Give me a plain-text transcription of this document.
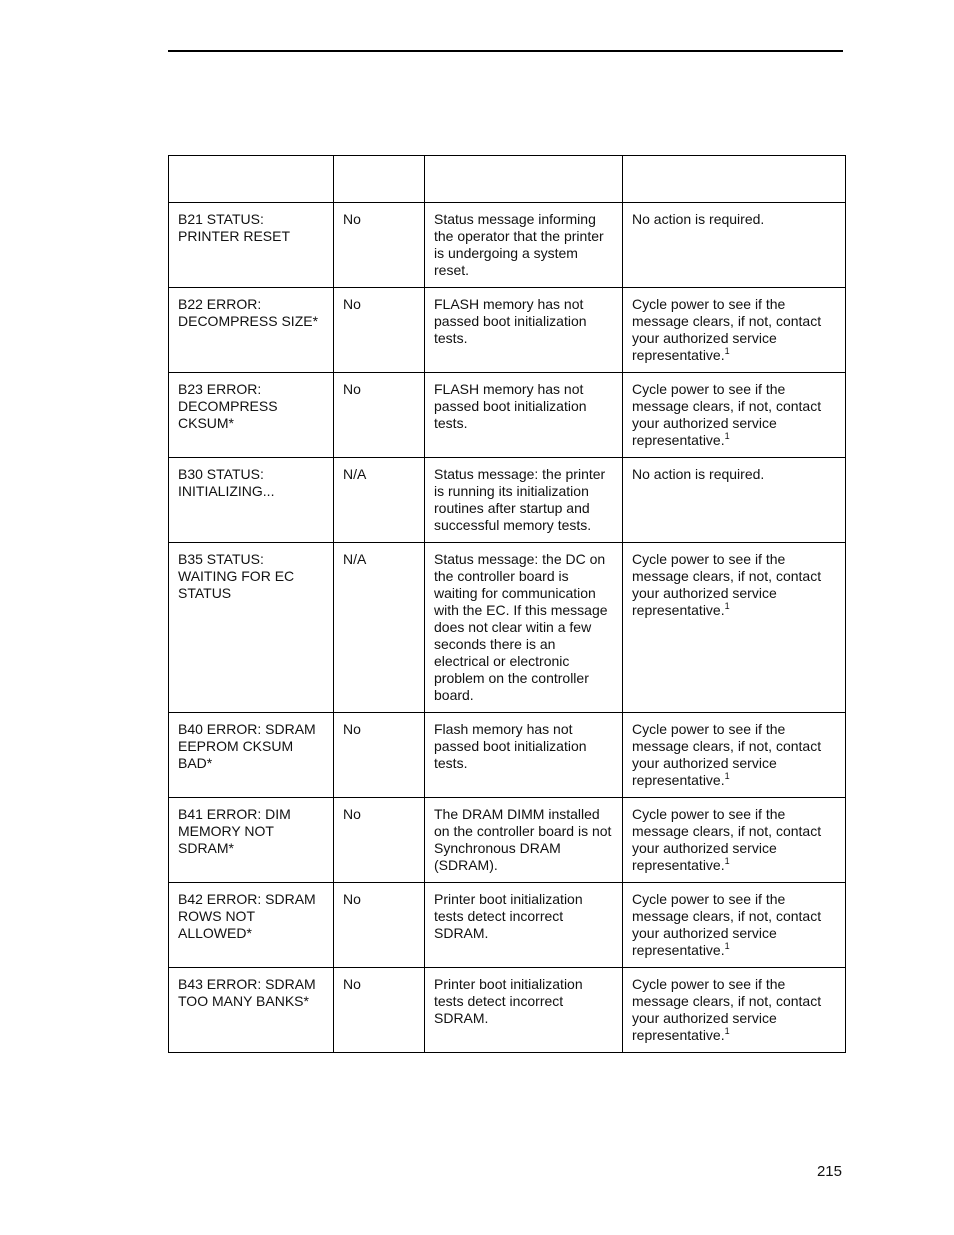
B21 STATUS: PRINTER RESET	No	Status message informing the operator that the printer is undergoing a system reset.	No action is required.

B22 ERROR: DECOMPRESS SIZE*	No	FLASH memory has not passed boot initialization tests.	Cycle power to see if the message clears, if not, contact your authorized service representative.$^1$

B23 ERROR: DECOMPRESS CKSUM*	No	FLASH memory has not passed boot initialization tests.	Cycle power to see if the message clears, if not, contact your authorized service representative.$^1$

B30 STATUS: INITIALIZING...	N/A	Status message: the printer is running its initialization routines after startup and successful memory tests.	No action is required.

B35 STATUS: WAITING FOR EC STATUS	N/A	Status message: the DC on the controller board is waiting for communication with the EC. If this message does not clear witin a few seconds there is an electrical or electronic problem on the controller board.	Cycle power to see if the message clears, if not, contact your authorized service representative.$^1$

B40 ERROR: SDRAM EEPROM CKSUM BAD*	No	Flash memory has not passed boot initialization tests.	Cycle power to see if the message clears, if not, contact your authorized service representative.$^1$

B41 ERROR: DIM MEMORY NOT SDRAM*	No	The DRAM DIMM installed on the controller board is not Synchronous DRAM (SDRAM).	Cycle power to see if the message clears, if not, contact your authorized service representative.$^1$

B42 ERROR: SDRAM ROWS NOT ALLOWED*	No	Printer boot initialization tests detect incorrect SDRAM.	Cycle power to see if the message clears, if not, contact your authorized service representative.$^1$

B43 ERROR: SDRAM TOO MANY BANKS*	No	Printer boot initialization tests detect incorrect SDRAM.	Cycle power to see if the message clears, if not, contact your authorized service representative.$^1$
215
